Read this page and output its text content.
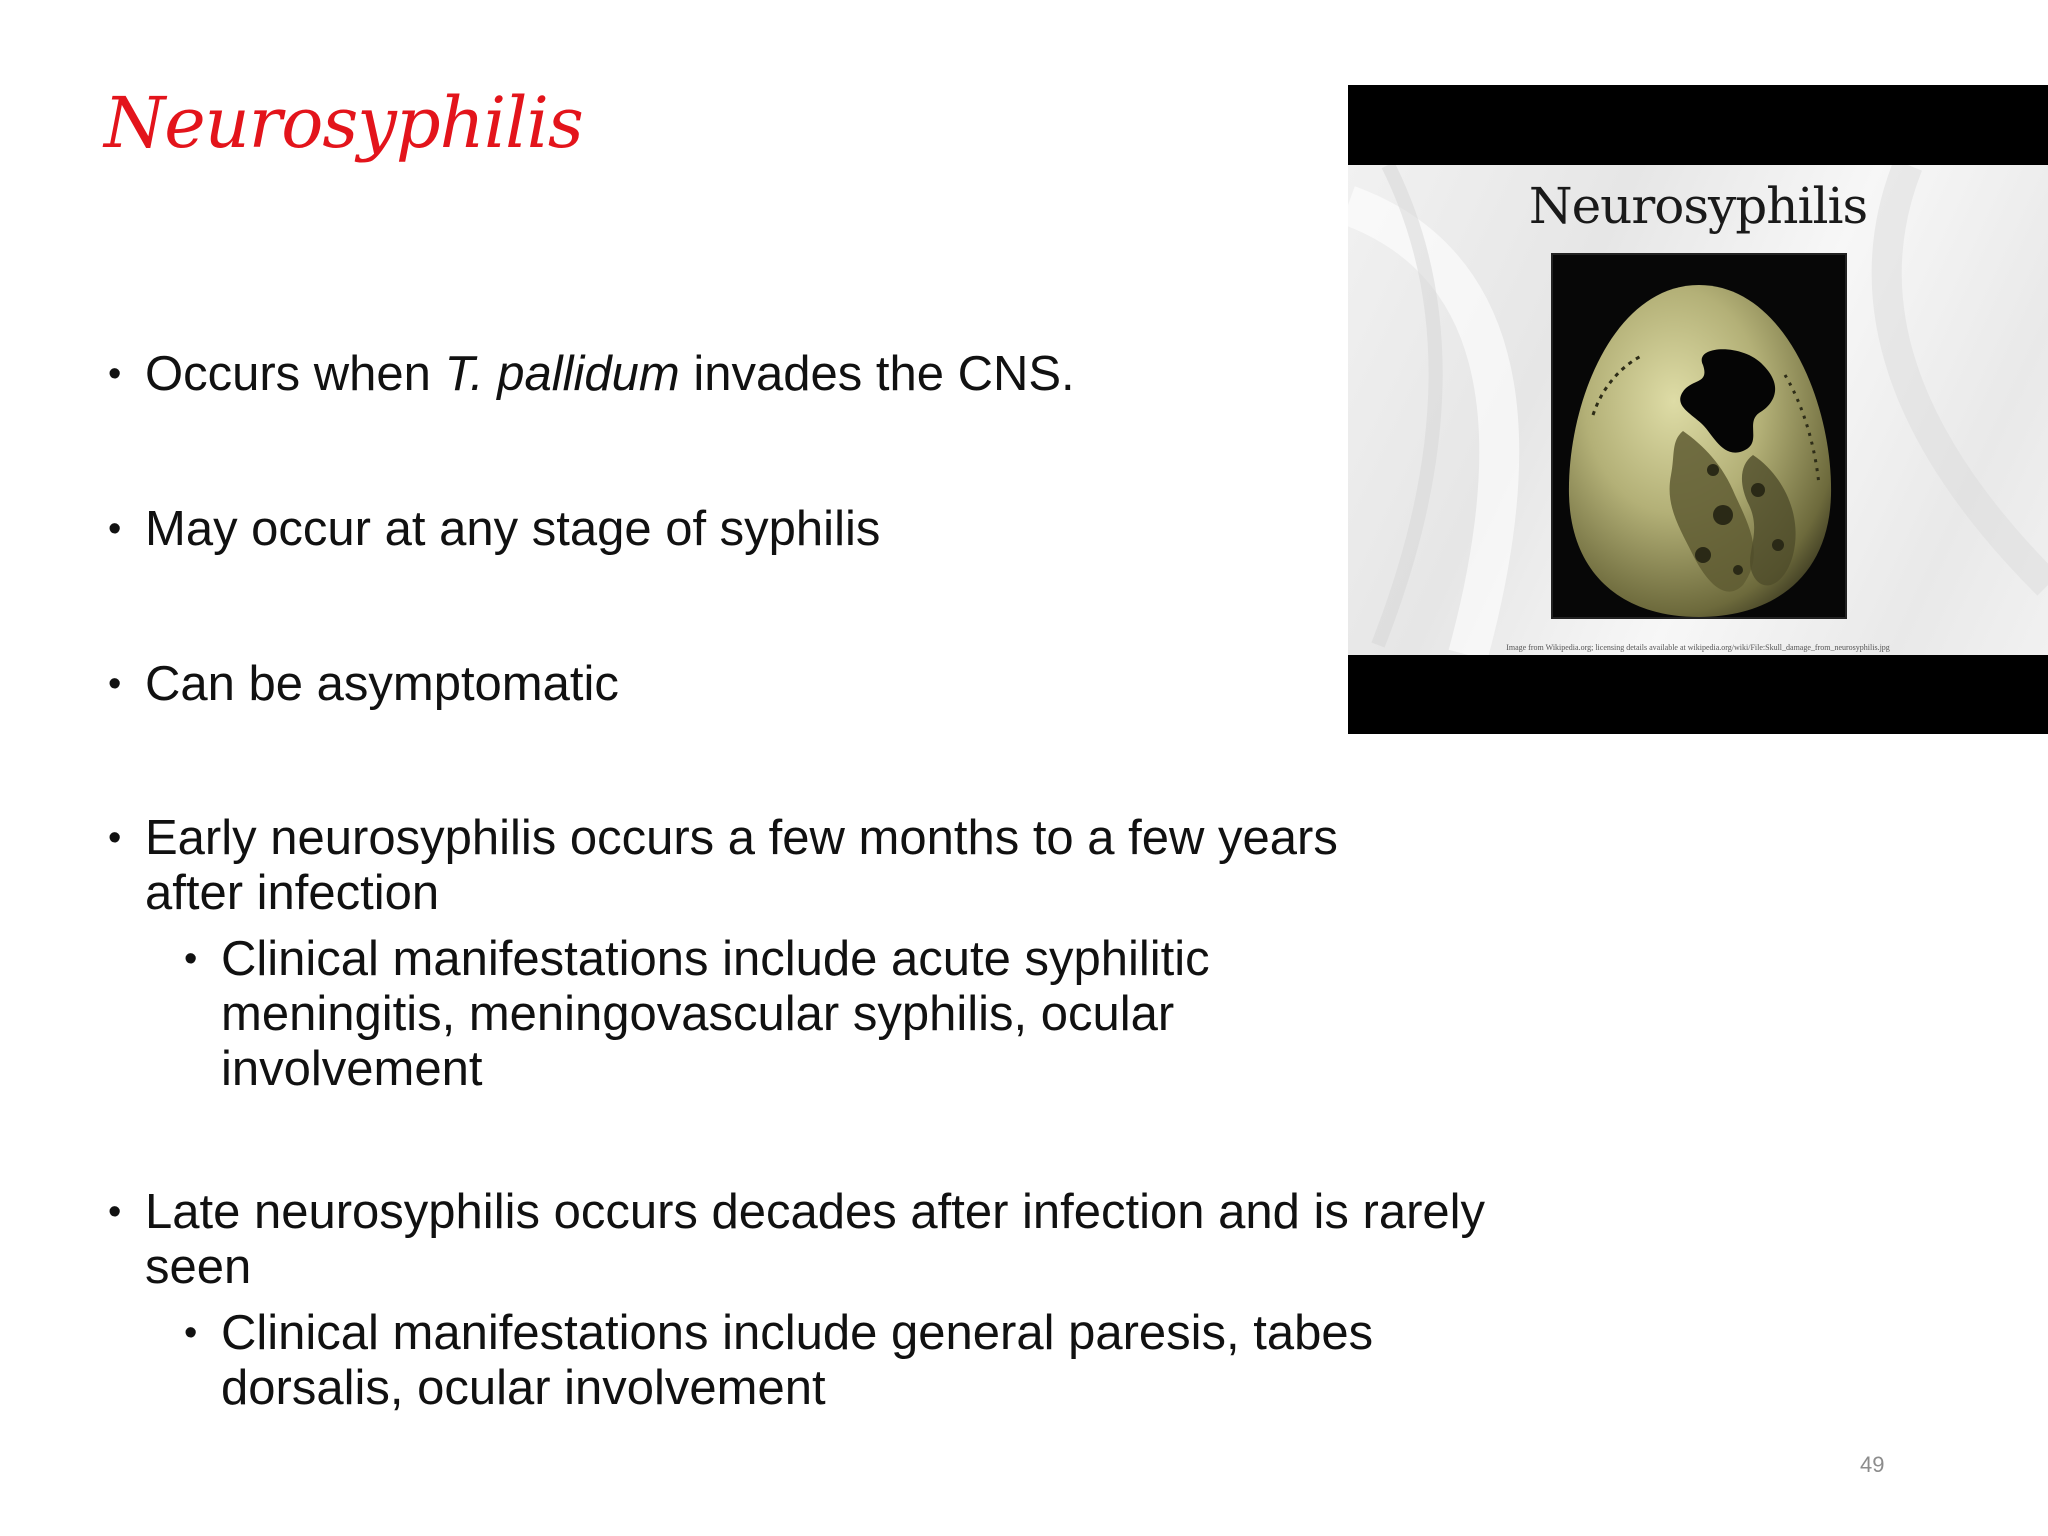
Neurosyphilis
• Occurs when T. pallidum invades the CNS.
• May occur at any stage of syphilis
• Can be asymptomatic
• Early neurosyphilis occurs a few months to a few years after infection
• Clinical manifestations include acute syphilitic meningitis, meningovascular syphilis, ocular involvement
• Late neurosyphilis occurs decades after infection and is rarely seen
• Clinical manifestations include general paresis, tabes dorsalis, ocular involvement
Neurosyphilis
Image from Wikipedia.org; licensing details available at wikipedia.org/wiki/File:Skull_damage_from_neurosyphilis.jpg
49
